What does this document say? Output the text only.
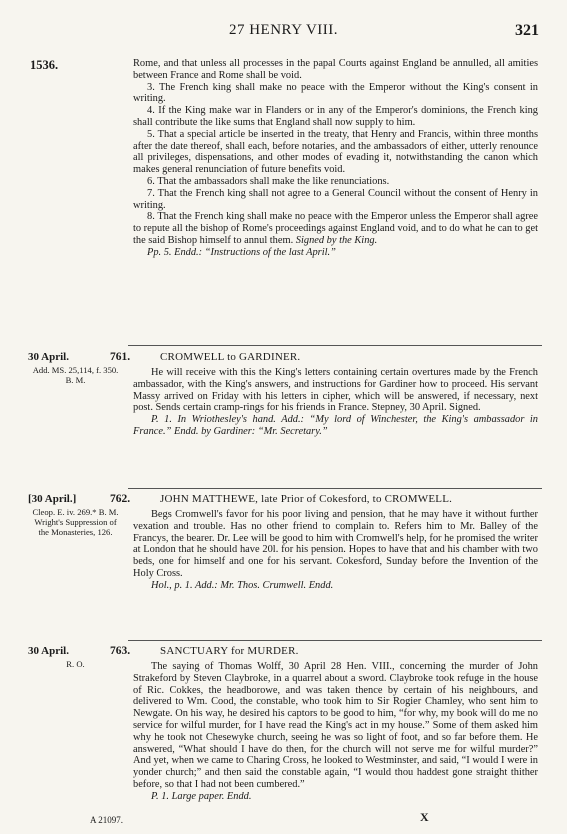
27 HENRY VIII.	321
1536.	Rome, and that unless all processes in the papal Courts against England be annulled, all amities between France and Rome shall be void.

3. The French king shall make no peace with the Emperor without the King's consent in writing.

4. If the King make war in Flanders or in any of the Emperor's dominions, the French king shall contribute the like sums that England shall now supply to him.

5. That a special article be inserted in the treaty, that Henry and Francis, within three months after the date thereof, shall each, before notaries, and the ambassadors of either, utterly renounce all privileges, dispensations, and other modes of evading it, notwithstanding the canon which makes general renunciation of future benefits void.

6. That the ambassadors shall make the like renunciations.

7. That the French king shall not agree to a General Council without the consent of Henry in writing.

8. That the French king shall make no peace with the Emperor unless the Emperor shall agree to repute all the bishop of Rome's proceedings against England void, and to do what he can to get the said Bishop himself to annul them. Signed by the King.

Pp. 5. Endd.: “Instructions of the last April.”

30 April.
Add. MS. 25,114, f. 350. B. M.
761.	CROMWELL to GARDINER.

He will receive with this the King's letters containing certain overtures made by the French ambassador, with the King's answers, and instructions for Gardiner how to proceed. His servant Massy arrived on Friday with his letters in cipher, which will be answered, if necessary, next post. Sends certain cramp-rings for his friends in France. Stepney, 30 April. Signed.

P. 1. In Wriothesley's hand. Add.: “My lord of Winchester, the King's ambassador in France.” Endd. by Gardiner: “Mr. Secretary.”

[30 April.]
Cleop. E. iv. 269.* B. M. Wright's Suppression of the Monasteries, 126.
762.	JOHN MATTHEWE, late Prior of Cokesford, to CROMWELL.

Begs Cromwell's favor for his poor living and pension, that he may have it without further vexation and trouble. Has no other friend to complain to. Refers him to Mr. Balley of the Francys, the bearer. Dr. Lee will be good to him with Cromwell's help, for he promised the writer at London that he should have 20l. for his pension. Hopes to have that and his chamber with two beds, one for himself and one for his servant. Cokesford, Sunday before the Invention of the Holy Cross.

Hol., p. 1. Add.: Mr. Thos. Crumwell. Endd.

30 April.
R. O.
763.	SANCTUARY for MURDER.

The saying of Thomas Wolff, 30 April 28 Hen. VIII., concerning the murder of John Strakeford by Steven Claybroke, in a quarrel about a sword. Claybroke took refuge in the house of Ric. Cokkes, the headborowe, and was taken thence by certain of his neighbours, and delivered to Wm. Cood, the constable, who took him to Sir Rogier Chamley, who sent him to Newgate. On his way, he desired his captors to be good to him, “for why, my book will do me no service for wilful murder, for I have read the King's act in my house.” Some of them asked him why he took not Chesewyke church, seeing he was so light of foot, and so far before them. He answered, “What should I have do then, for the church will not serve me for wilful murder?” And yet, when we came to Charing Cross, he looked to Westminster, and said, “I would I were in yonder church;” and then said the constable again, “I would thou haddest gone straight thither before, so that I had not been cumbered.”

P. 1. Large paper. Endd.

A 21097.	X
